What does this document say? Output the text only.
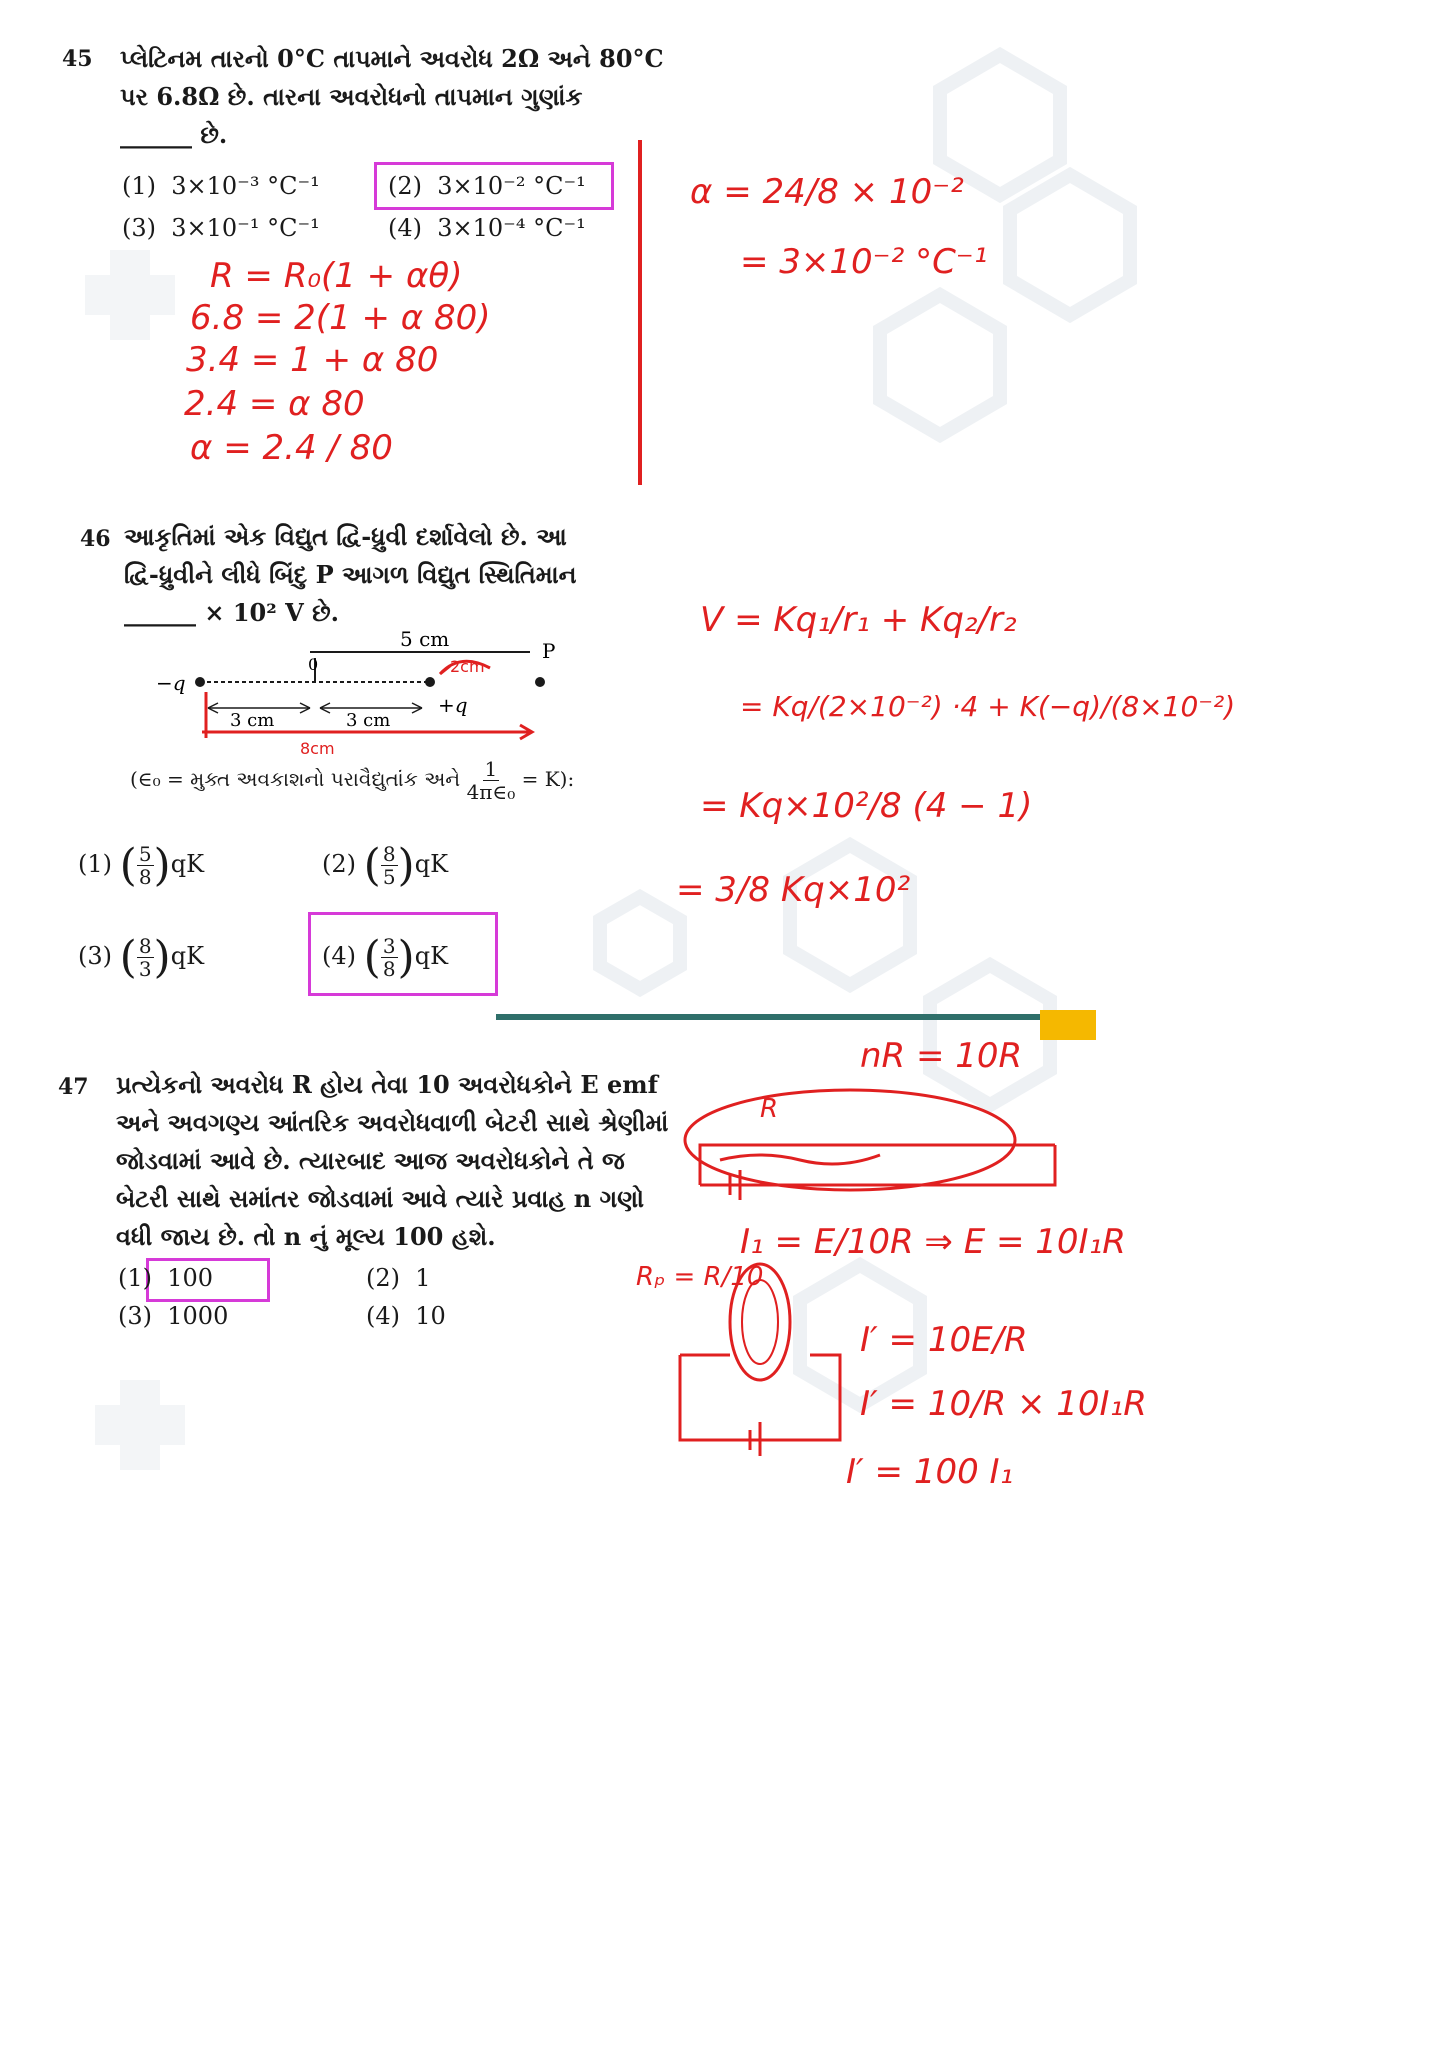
45 પ્લેટિનમ તારનો 0°C તાપમાને અવરોધ 2Ω અને 80°C
પર 6.8Ω છે. તારના અવરોધનો તાપમાન ગુણાંક
______ છે.
(1) 3×10⁻³ °C⁻¹	(2) 3×10⁻² °C⁻¹
(3) 3×10⁻¹ °C⁻¹	(4) 3×10⁻⁴ °C⁻¹
R = R₀(1 + αθ)
6.8 = 2(1 + α 80)
3.4 = 1 + α 80
2.4 = α 80
α = 2.4 / 80
α = 24/8 × 10⁻²
= 3×10⁻² °C⁻¹
46 આકૃતિમાં એક વિદ્યુત દ્વિ-ધ્રુવી દર્શાવેલો છે. આ
દ્વિ-ધ્રુવીને લીધે બિંદુ P આગળ વિદ્યુત સ્થિતિમાન
______ × 10² V છે.
5 cm
0
P
−q
+q
3 cm	3 cm
2cm
8cm
(∈₀ = મુક્ત અવકાશનો પરાવૈદ્યુતાંક અને $\frac{1}{\text{4π∈₀}} = K$):
(1) ( $\frac{5}{8} )qK$	(2) ( $\frac{8}{5} )qK$
(3) ( $\frac{8}{3} )qK$	(4) ( $\frac{3}{8} )qK$
V = Kq₁/r₁ + Kq₂/r₂
= Kq/(2×10⁻²) ·4 + K(−q)/(8×10⁻²)
= Kq×10²/8 (4 − 1)
= 3/8 Kq×10²
47 પ્રત્યેકનો અવરોધ R હોય તેવા 10 અવરોધકોને E emf
અને અવગણ્ય આંતરિક અવરોધવાળી બેટરી સાથે શ્રેણીમાં
જોડવામાં આવે છે. ત્યારબાદ આજ અવરોધકોને તે જ
બેટરી સાથે સમાંતર જોડવામાં આવે ત્યારે પ્રવાહ n ગણો
વધી જાય છે. તો n નું મૂલ્ય 100 હશે.
(1) 100	(2) 1
(3) 1000	(4) 10
nR = 10R
R
I₁ = E/10R ⇒ E = 10I₁R
Rₚ = R/10
I′ = 10E/R
I′ = 10/R × 10I₁R
I′ = 100 I₁
